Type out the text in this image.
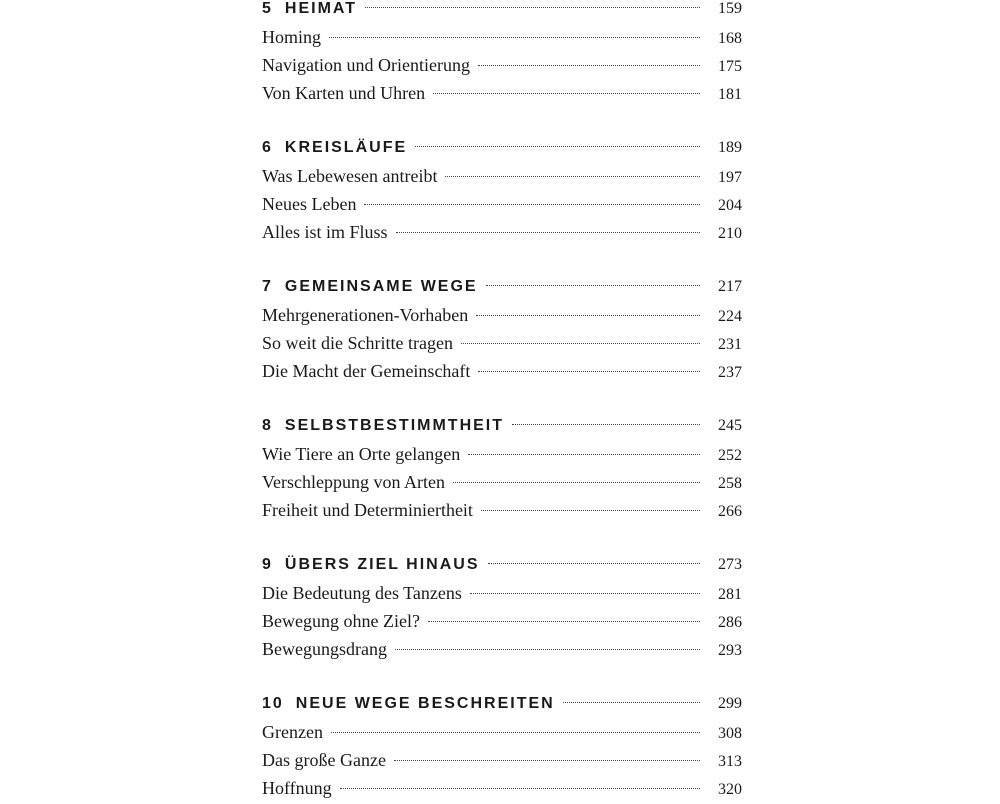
5 HEIMAT	159
Homing	168
Navigation und Orientierung	175
Von Karten und Uhren	181
6 KREISLÄUFE	189
Was Lebewesen antreibt	197
Neues Leben	204
Alles ist im Fluss	210
7 GEMEINSAME WEGE	217
Mehrgenerationen-Vorhaben	224
So weit die Schritte tragen	231
Die Macht der Gemeinschaft	237
8 SELBSTBESTIMMTHEIT	245
Wie Tiere an Orte gelangen	252
Verschleppung von Arten	258
Freiheit und Determiniertheit	266
9 ÜBERS ZIEL HINAUS	273
Die Bedeutung des Tanzens	281
Bewegung ohne Ziel?	286
Bewegungsdrang	293
10 NEUE WEGE BESCHREITEN	299
Grenzen	308
Das große Ganze	313
Hoffnung	320
